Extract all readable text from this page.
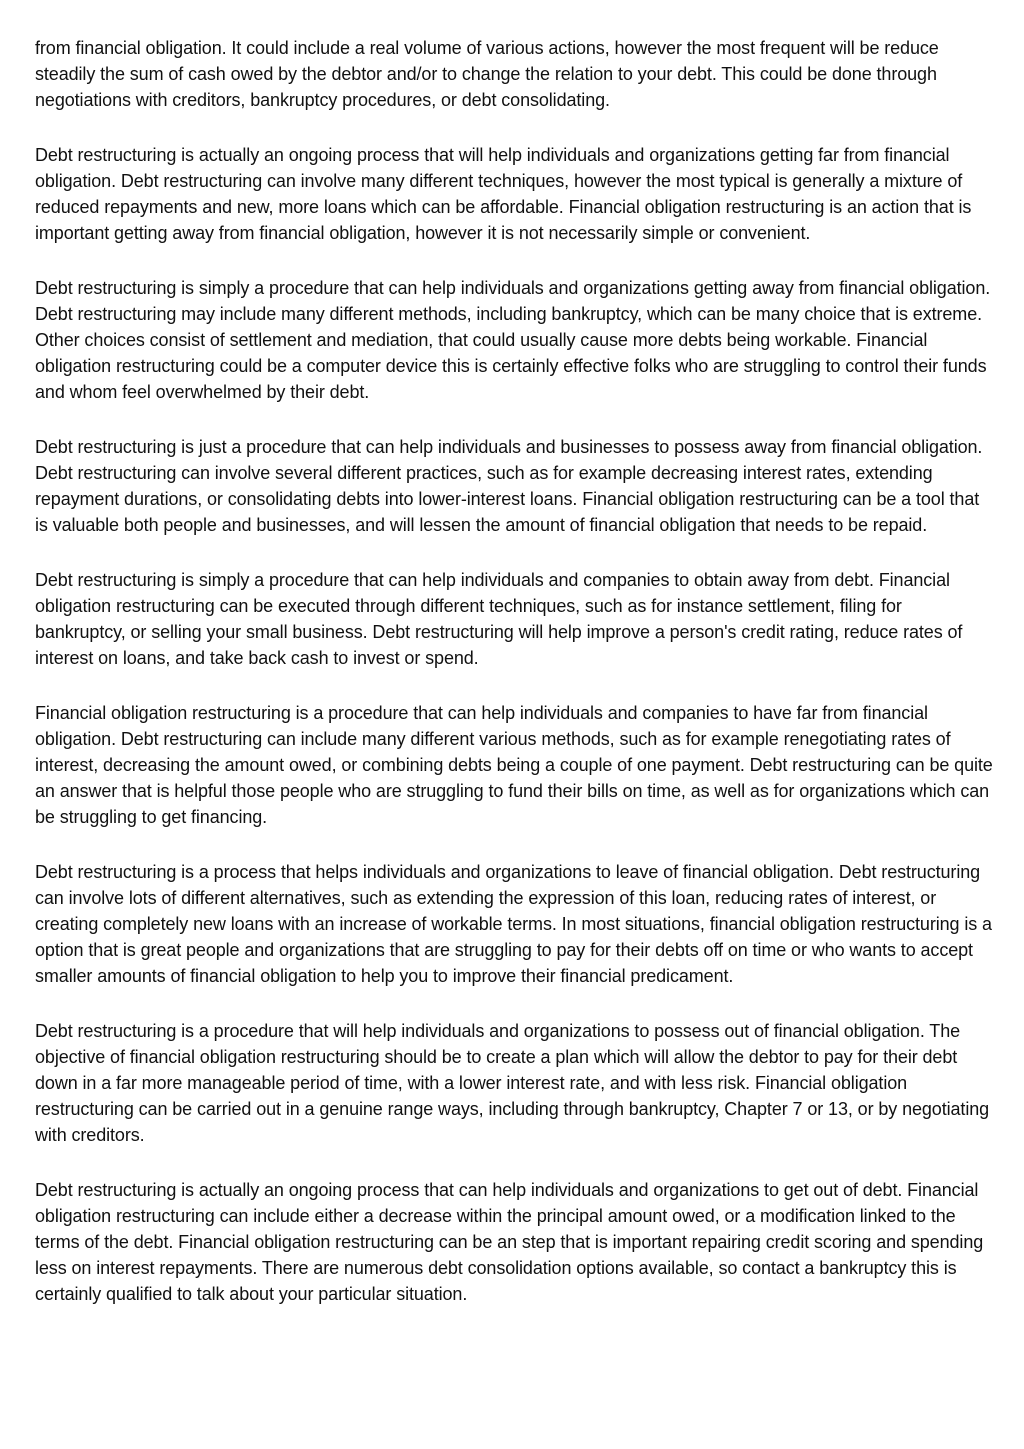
from financial obligation. It could include a real volume of various actions, however the most frequent will be reduce steadily the sum of cash owed by the debtor and/or to change the relation to your debt. This could be done through negotiations with creditors, bankruptcy procedures, or debt consolidating.

Debt restructuring is actually an ongoing process that will help individuals and organizations getting far from financial obligation. Debt restructuring can involve many different techniques, however the most typical is generally a mixture of reduced repayments and new, more loans which can be affordable. Financial obligation restructuring is an action that is important getting away from financial obligation, however it is not necessarily simple or convenient.

Debt restructuring is simply a procedure that can help individuals and organizations getting away from financial obligation. Debt restructuring may include many different methods, including bankruptcy, which can be many choice that is extreme. Other choices consist of settlement and mediation, that could usually cause more debts being workable. Financial obligation restructuring could be a computer device this is certainly effective folks who are struggling to control their funds and whom feel overwhelmed by their debt.

Debt restructuring is just a procedure that can help individuals and businesses to possess away from financial obligation. Debt restructuring can involve several different practices, such as for example decreasing interest rates, extending repayment durations, or consolidating debts into lower-interest loans. Financial obligation restructuring can be a tool that is valuable both people and businesses, and will lessen the amount of financial obligation that needs to be repaid.

Debt restructuring is simply a procedure that can help individuals and companies to obtain away from debt. Financial obligation restructuring can be executed through different techniques, such as for instance settlement, filing for bankruptcy, or selling your small business. Debt restructuring will help improve a person's credit rating, reduce rates of interest on loans, and take back cash to invest or spend.

Financial obligation restructuring is a procedure that can help individuals and companies to have far from financial obligation. Debt restructuring can include many different various methods, such as for example renegotiating rates of interest, decreasing the amount owed, or combining debts being a couple of one payment. Debt restructuring can be quite an answer that is helpful those people who are struggling to fund their bills on time, as well as for organizations which can be struggling to get financing.

Debt restructuring is a process that helps individuals and organizations to leave of financial obligation. Debt restructuring can involve lots of different alternatives, such as extending the expression of this loan, reducing rates of interest, or creating completely new loans with an increase of workable terms. In most situations, financial obligation restructuring is a option that is great people and organizations that are struggling to pay for their debts off on time or who wants to accept smaller amounts of financial obligation to help you to improve their financial predicament.

Debt restructuring is a procedure that will help individuals and organizations to possess out of financial obligation. The objective of financial obligation restructuring should be to create a plan which will allow the debtor to pay for their debt down in a far more manageable period of time, with a lower interest rate, and with less risk. Financial obligation restructuring can be carried out in a genuine range ways, including through bankruptcy, Chapter 7 or 13, or by negotiating with creditors.

Debt restructuring is actually an ongoing process that can help individuals and organizations to get out of debt. Financial obligation restructuring can include either a decrease within the principal amount owed, or a modification linked to the terms of the debt. Financial obligation restructuring can be an step that is important repairing credit scoring and spending less on interest repayments. There are numerous debt consolidation options available, so contact a bankruptcy this is certainly qualified to talk about your particular situation.
